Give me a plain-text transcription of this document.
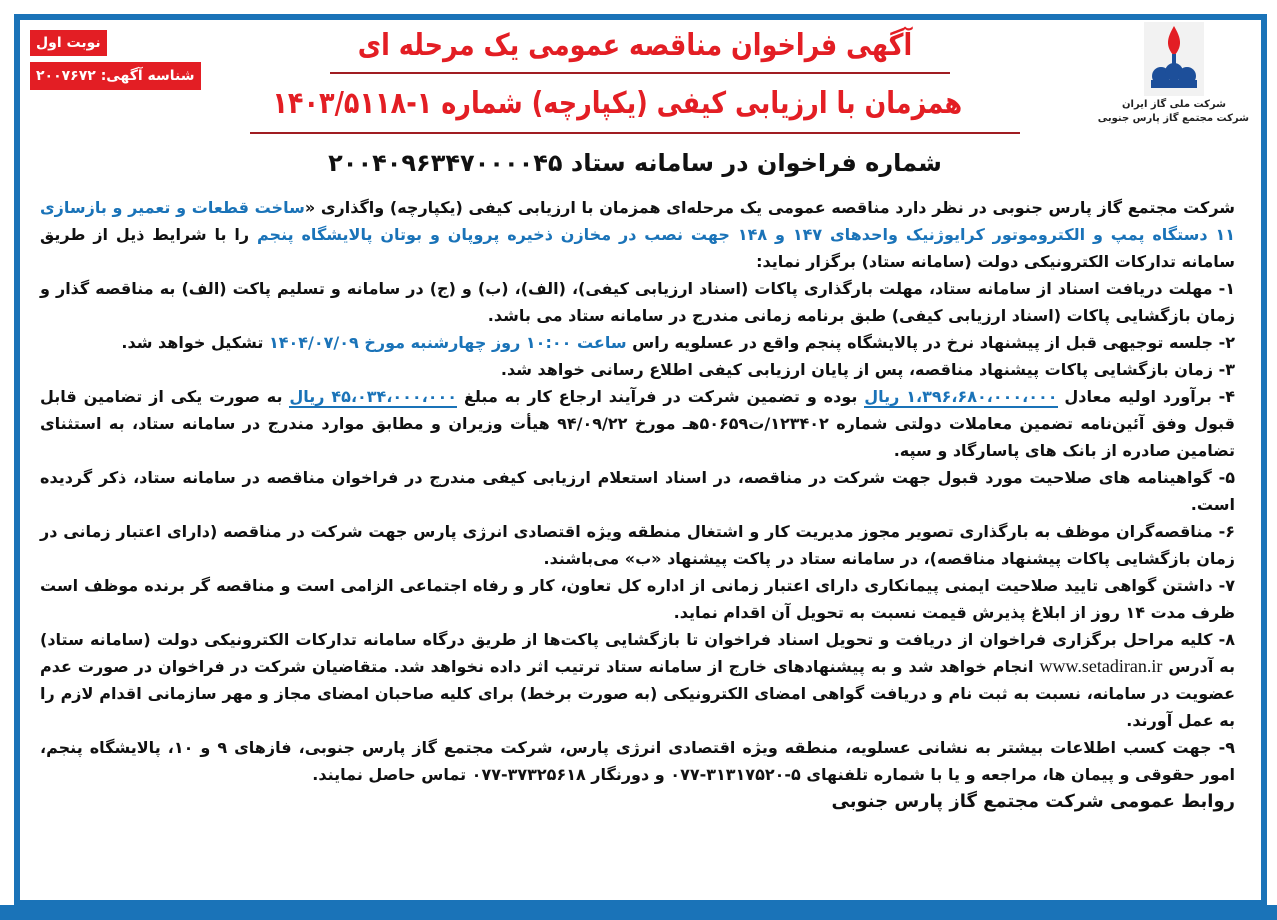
شرکت ملی گاز ایران
شرکت مجتمع گاز پارس جنوبی
نوبت اول
شناسه آگهی: ۲۰۰۷۶۷۲
آگهی فراخوان مناقصه عمومی یک مرحله ای
همزمان با ارزیابی کیفی (یکپارچه) شماره ۱-۱۴۰۳/۵۱۱۸
شماره فراخوان در سامانه ستاد ۲۰۰۴۰۹۶۳۴۷۰۰۰۰۴۵

شرکت مجتمع گاز پارس جنوبی در نظر دارد مناقصه عمومی یک مرحله‌ای همزمان با ارزیابی کیفی (یکپارچه) واگذاری «ساخت قطعات و تعمیر و بازسازی ۱۱ دستگاه پمپ و الکتروموتور کرایوژنیک واحدهای ۱۴۷ و ۱۴۸ جهت نصب در مخازن ذخیره پروپان و بوتان پالایشگاه پنجم را با شرایط ذیل از طریق سامانه تدارکات الکترونیکی دولت (سامانه ستاد) برگزار نماید:

۱- مهلت دریافت اسناد از سامانه ستاد، مهلت بارگذاری پاکات (اسناد ارزیابی کیفی)، (الف)، (ب) و (ج) در سامانه و تسلیم پاکت (الف) به مناقصه گذار و زمان بازگشایی پاکات (اسناد ارزیابی کیفی) طبق برنامه زمانی مندرج در سامانه ستاد می باشد.

۲- جلسه توجیهی قبل از پیشنهاد نرخ در پالایشگاه پنجم واقع در عسلویه راس ساعت ۱۰:۰۰ روز چهارشنبه مورخ ۱۴۰۴/۰۷/۰۹ تشکیل خواهد شد.

۳- زمان بازگشایی پاکات پیشنهاد مناقصه، پس از پایان ارزیابی کیفی اطلاع رسانی خواهد شد.

۴- برآورد اولیه معادل ۱،۳۹۶،۶۸۰،۰۰۰،۰۰۰ ریال بوده و تضمین شرکت در فرآیند ارجاع کار به مبلغ ۴۵،۰۳۴،۰۰۰،۰۰۰ ریال به صورت یکی از تضامین قابل قبول وفق آئین‌نامه تضمین معاملات دولتی شماره ۱۲۳۴۰۲/ت۵۰۶۵۹هـ مورخ ۹۴/۰۹/۲۲ هیأت وزیران و مطابق موارد مندرج در سامانه ستاد، به استثنای تضامین صادره از بانک های پاسارگاد و سپه.

۵- گواهینامه های صلاحیت مورد قبول جهت شرکت در مناقصه، در اسناد استعلام ارزیابی کیفی مندرج در فراخوان مناقصه در سامانه ستاد، ذکر گردیده است.

۶- مناقصه‌گران موظف به بارگذاری تصویر مجوز مدیریت کار و اشتغال منطقه ویژه اقتصادی انرژی پارس جهت شرکت در مناقصه (دارای اعتبار زمانی در زمان بازگشایی پاکات پیشنهاد مناقصه)، در سامانه ستاد در پاکت پیشنهاد «ب» می‌باشند.

۷- داشتن گواهی تایید صلاحیت ایمنی پیمانکاری دارای اعتبار زمانی از اداره کل تعاون، کار و رفاه اجتماعی الزامی است و مناقصه گر برنده موظف است ظرف مدت ۱۴ روز از ابلاغ پذیرش قیمت نسبت به تحویل آن اقدام نماید.

۸- کلیه مراحل برگزاری فراخوان از دریافت و تحویل اسناد فراخوان تا بازگشایی پاکت‌ها از طریق درگاه سامانه تدارکات الکترونیکی دولت (سامانه ستاد) به آدرس www.setadiran.ir انجام خواهد شد و به پیشنهادهای خارج از سامانه ستاد ترتیب اثر داده نخواهد شد. متقاضیان شرکت در فراخوان در صورت عدم عضویت در سامانه، نسبت به ثبت نام و دریافت گواهی امضای الکترونیکی (به صورت برخط) برای کلیه صاحبان امضای مجاز و مهر سازمانی اقدام لازم را به عمل آورند.

۹- جهت کسب اطلاعات بیشتر به نشانی عسلویه، منطقه ویژه اقتصادی انرژی پارس، شرکت مجتمع گاز پارس جنوبی، فازهای ۹ و ۱۰، پالایشگاه پنجم، امور حقوقی و پیمان ها، مراجعه و یا با شماره تلفنهای ۵-۳۱۳۱۷۵۲۰-۰۷۷ و دورنگار ۳۷۳۲۵۶۱۸-۰۷۷ تماس حاصل نمایند.

روابط عمومی شرکت مجتمع گاز پارس جنوبی
